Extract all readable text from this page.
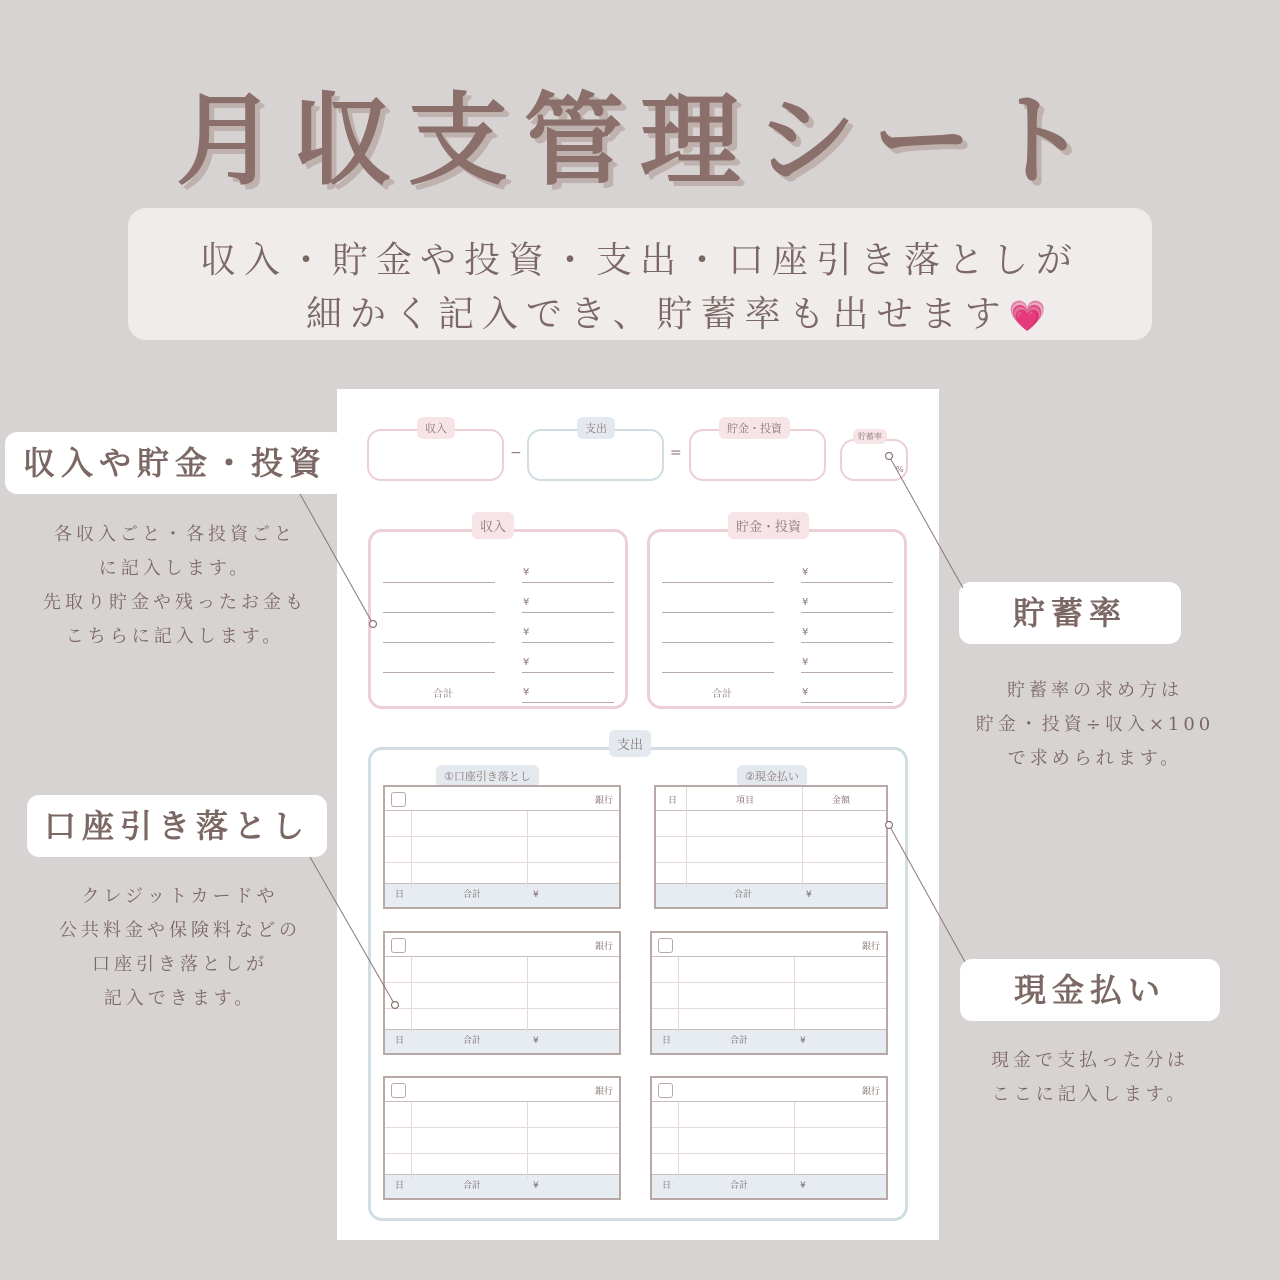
月収支管理シート
収入・貯金や投資・支出・口座引き落としが
細かく記入でき、貯蓄率も出せます💗
収入
−
支出
=
貯金・投資
貯蓄率
%
収入
¥
¥
¥
¥
合計	¥
貯金・投資
¥
¥
¥
¥
合計	¥
支出
①口座引き落とし	②現金払い
銀行
日	合計	¥
日	項目	金額
合計	¥
銀行
日	合計	¥
銀行
日	合計	¥
銀行
日	合計	¥
銀行
日	合計	¥
収入や貯金・投資
各収入ごと・各投資ごと
に記入します。
先取り貯金や残ったお金も
こちらに記入します。
口座引き落とし
クレジットカードや
公共料金や保険料などの
口座引き落としが
記入できます。
貯蓄率
貯蓄率の求め方は
貯金・投資÷収入×100
で求められます。
現金払い
現金で支払った分は
ここに記入します。
